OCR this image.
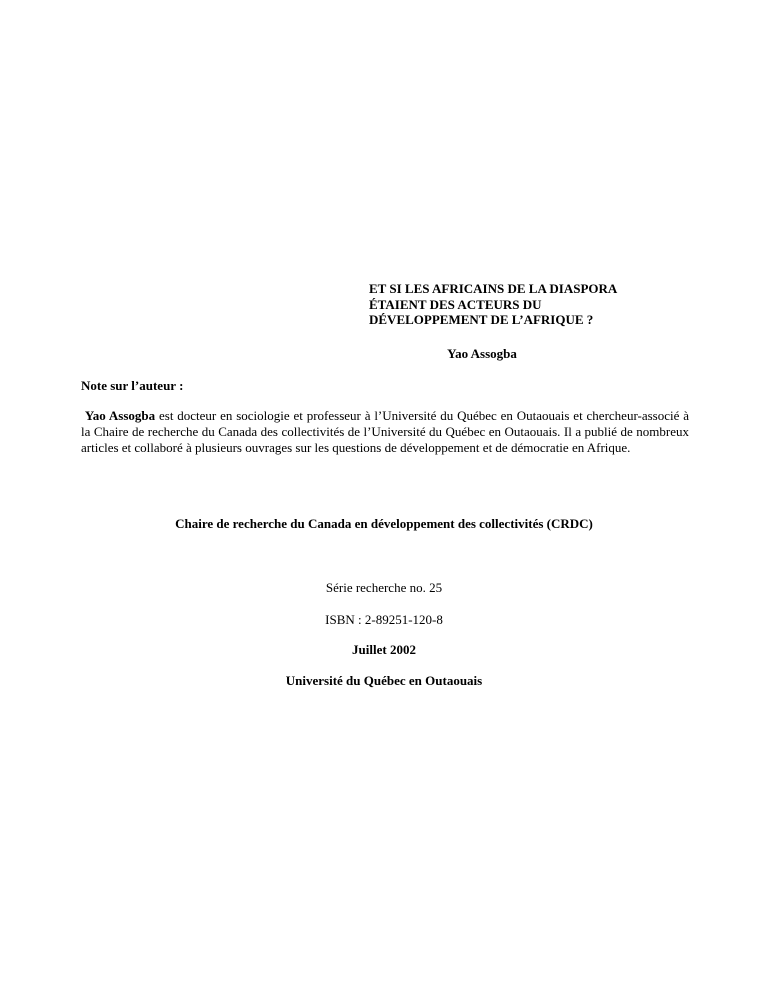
ET SI LES AFRICAINS DE LA DIASPORA
ÉTAIENT DES ACTEURS DU
DÉVELOPPEMENT DE L’AFRIQUE ?

Yao Assogba

Note sur l’auteur :

Yao Assogba est docteur en sociologie et professeur à l’Université du Québec en Outaouais et chercheur-associé à la Chaire de recherche du Canada des collectivités de l’Université du Québec en Outaouais. Il a publié de nombreux articles et collaboré à plusieurs ouvrages sur les questions de développement et de démocratie en Afrique.

Chaire de recherche du Canada en développement des collectivités (CRDC)

Série recherche no. 25

ISBN : 2-89251-120-8

Juillet 2002

Université du Québec en Outaouais
